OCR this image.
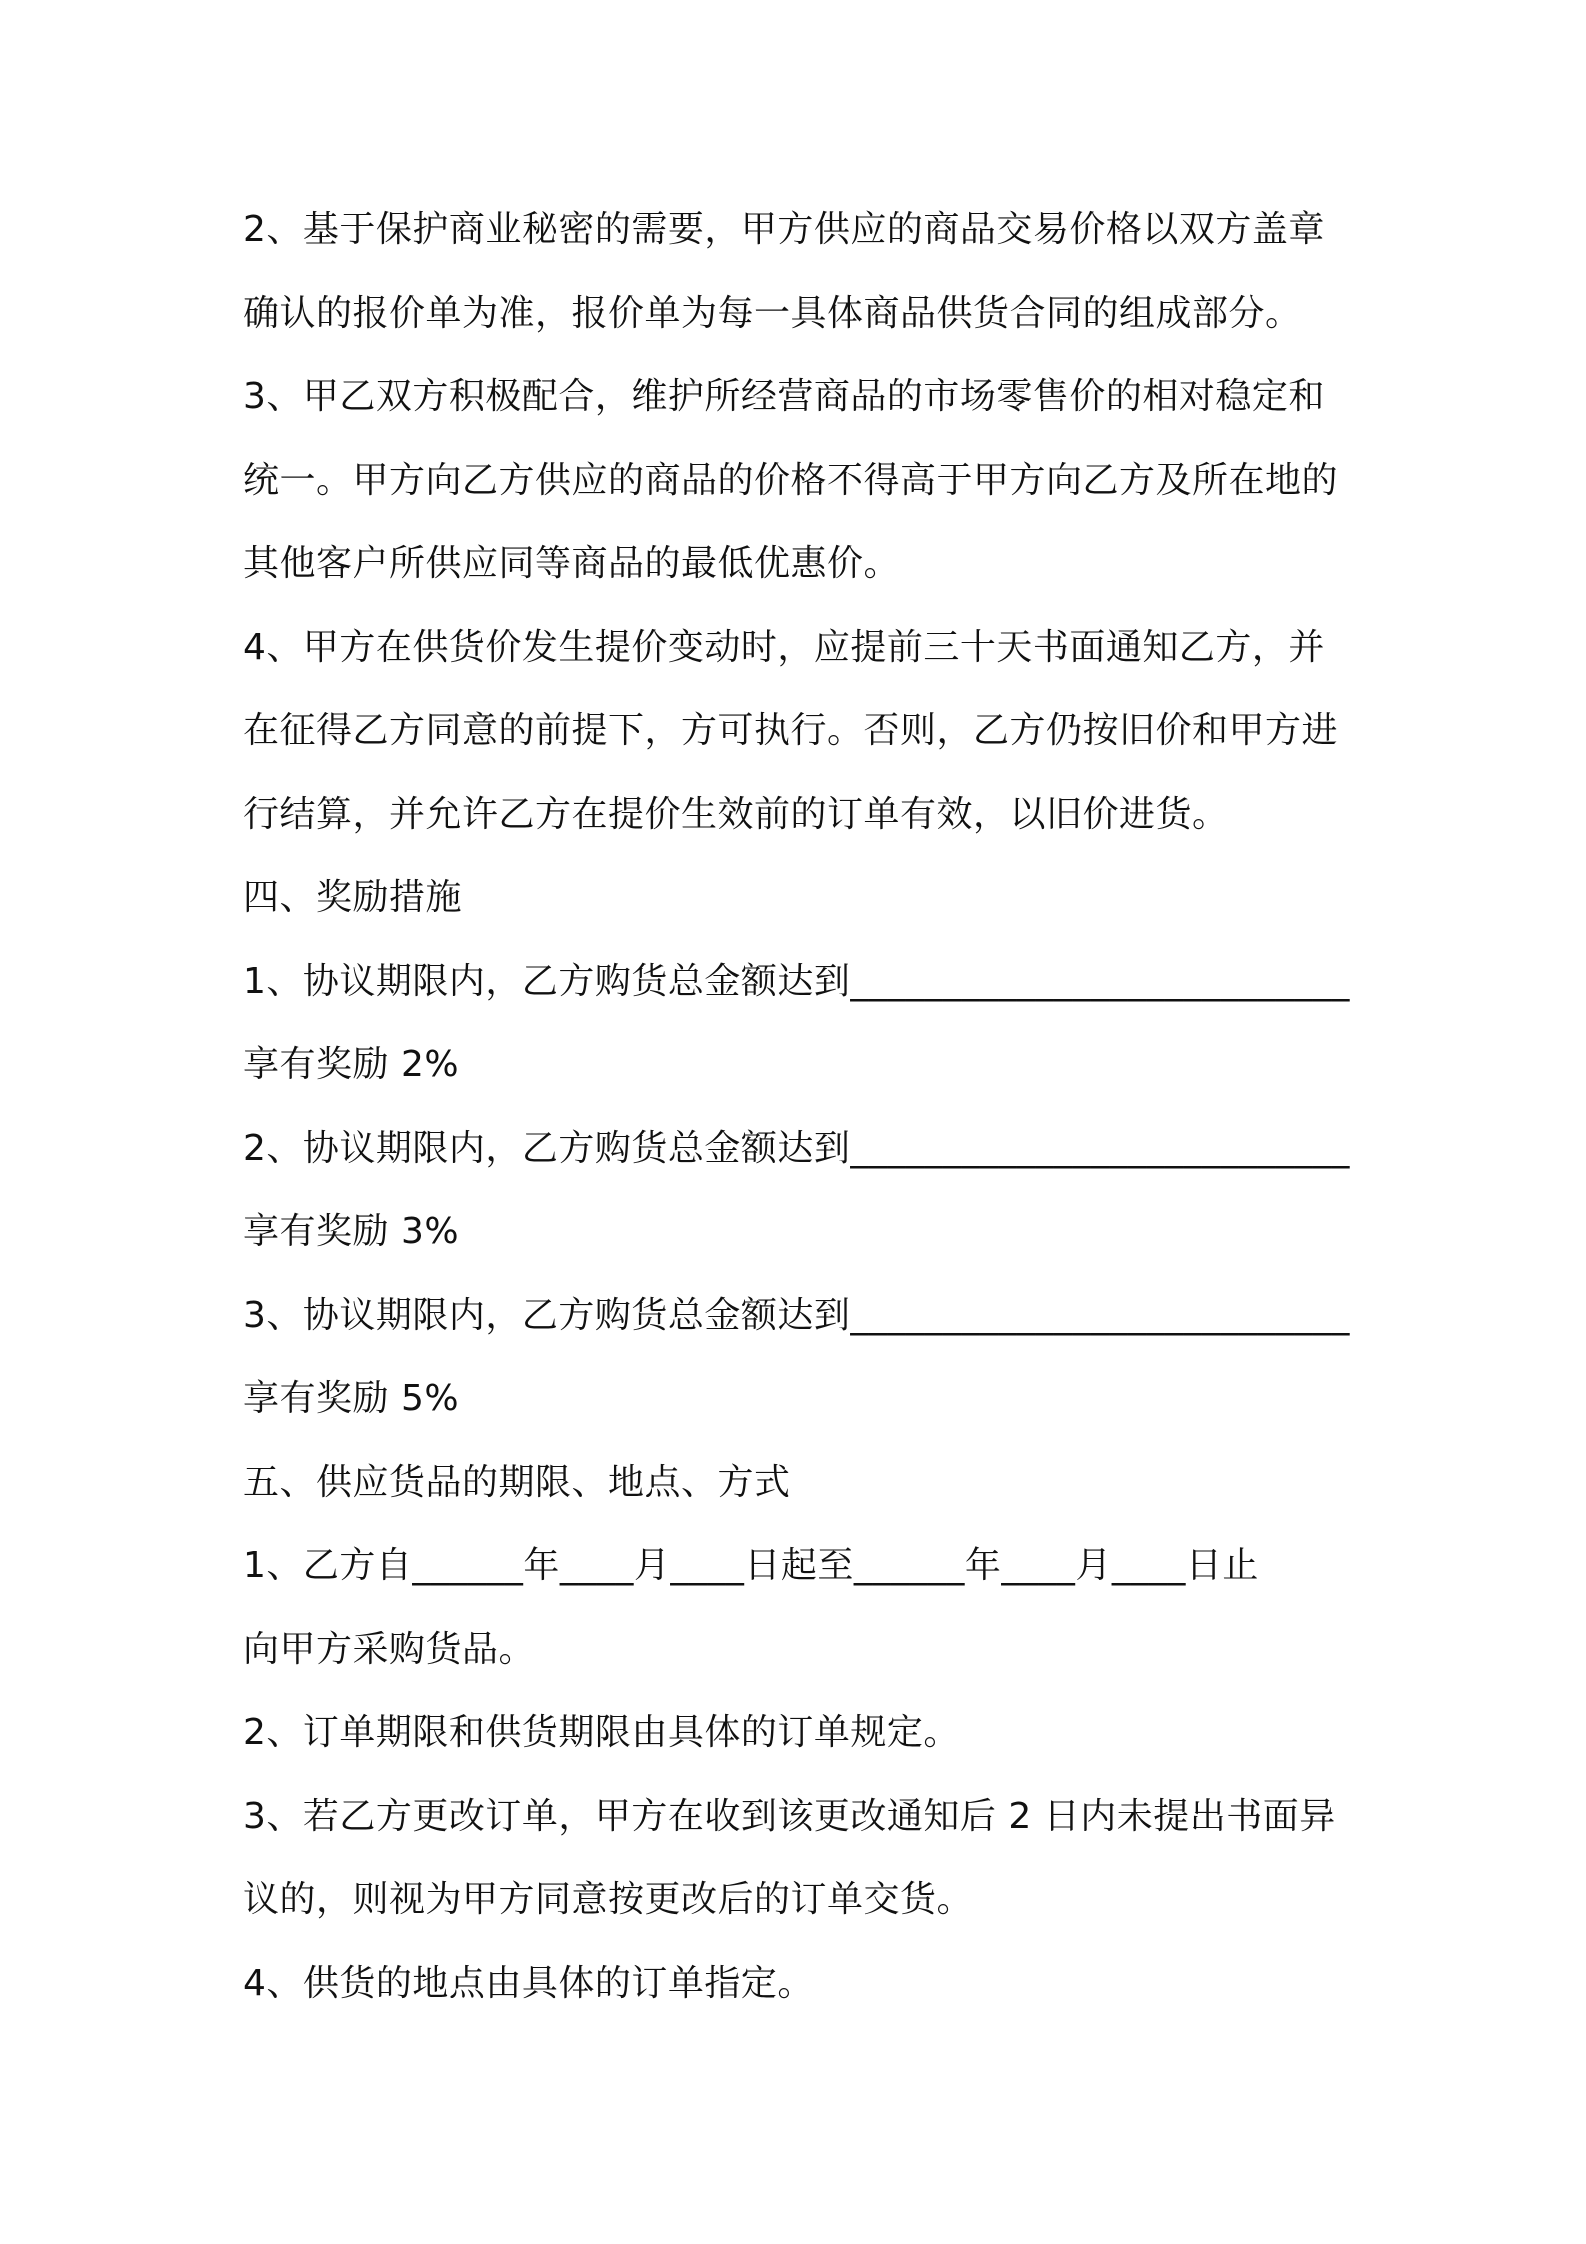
2、基于保护商业秘密的需要，甲方供应的商品交易价格以双方盖章
确认的报价单为准，报价单为每一具体商品供货合同的组成部分。
3、甲乙双方积极配合，维护所经营商品的市场零售价的相对稳定和
统一。甲方向乙方供应的商品的价格不得高于甲方向乙方及所在地的
其他客户所供应同等商品的最低优惠价。
4、甲方在供货价发生提价变动时，应提前三十天书面通知乙方，并
在征得乙方同意的前提下，方可执行。否则，乙方仍按旧价和甲方进
行结算，并允许乙方在提价生效前的订单有效，以旧价进货。
四、奖励措施
1、协议期限内，乙方购货总金额达到___________________________
享有奖励 2%
2、协议期限内，乙方购货总金额达到___________________________
享有奖励 3%
3、协议期限内，乙方购货总金额达到___________________________
享有奖励 5%
五、供应货品的期限、地点、方式
1、乙方自______年____月____日起至______年____月____日止
向甲方采购货品。
2、订单期限和供货期限由具体的订单规定。
3、若乙方更改订单，甲方在收到该更改通知后 2 日内未提出书面异
议的，则视为甲方同意按更改后的订单交货。
4、供货的地点由具体的订单指定。
